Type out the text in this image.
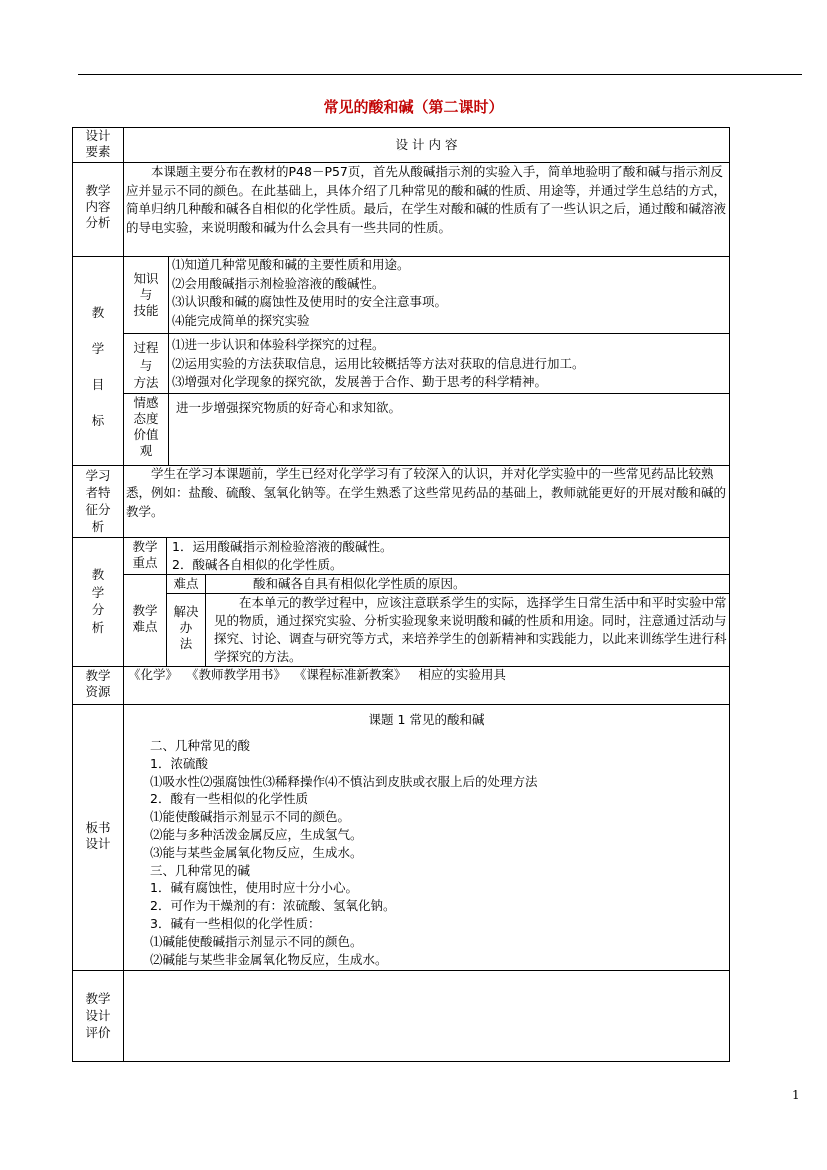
常见的酸和碱（第二课时）
设计
要素	设 计 内 容
教学
内容
分析
本课题主要分布在教材的P48－P57页，首先从酸碱指示剂的实验入手，简单地验明了酸和碱与指示剂反应并显示不同的颜色。在此基础上，具体介绍了几种常见的酸和碱的性质、用途等，并通过学生总结的方式，简单归纳几种酸和碱各自相似的化学性质。最后，在学生对酸和碱的性质有了一些认识之后，通过酸和碱溶液的导电实验，来说明酸和碱为什么会具有一些共同的性质。
教
学
目
标
知识
与
技能
⑴知道几种常见酸和碱的主要性质和用途。
⑵会用酸碱指示剂检验溶液的酸碱性。
⑶认识酸和碱的腐蚀性及使用时的安全注意事项。
⑷能完成简单的探究实验
过程
与
方法
⑴进一步认识和体验科学探究的过程。
⑵运用实验的方法获取信息，运用比较概括等方法对获取的信息进行加工。
⑶增强对化学现象的探究欲，发展善于合作、勤于思考的科学精神。
情感
态度
价值
观
进一步增强探究物质的好奇心和求知欲。
学习
者特
征分
析
学生在学习本课题前，学生已经对化学学习有了较深入的认识，并对化学实验中的一些常见药品比较熟悉，例如：盐酸、硫酸、氢氧化钠等。在学生熟悉了这些常见药品的基础上，教师就能更好的开展对酸和碱的教学。
教
学
分
析
教学
重点
1．运用酸碱指示剂检验溶液的酸碱性。
2．酸碱各自相似的化学性质。
教学
难点
难点	酸和碱各自具有相似化学性质的原因。
解决
办
法
在本单元的教学过程中，应该注意联系学生的实际，选择学生日常生活中和平时实验中常见的物质，通过探究实验、分析实验现象来说明酸和碱的性质和用途。同时，注意通过活动与探究、讨论、调查与研究等方式，来培养学生的创新精神和实践能力，以此来训练学生进行科学探究的方法。
教学
资源
《化学》  《教师教学用书》  《课程标准新教案》   相应的实验用具
板书
设计
课题 1 常见的酸和碱
二、几种常见的酸
1．浓硫酸
⑴吸水性⑵强腐蚀性⑶稀释操作⑷不慎沾到皮肤或衣服上后的处理方法
2．酸有一些相似的化学性质
⑴能使酸碱指示剂显示不同的颜色。
⑵能与多种活泼金属反应，生成氢气。
⑶能与某些金属氧化物反应，生成水。
三、几种常见的碱
1．碱有腐蚀性，使用时应十分小心。
2．可作为干燥剂的有：浓硫酸、氢氧化钠。
3．碱有一些相似的化学性质：
⑴碱能使酸碱指示剂显示不同的颜色。
⑵碱能与某些非金属氧化物反应，生成水。
教学
设计
评价
1
